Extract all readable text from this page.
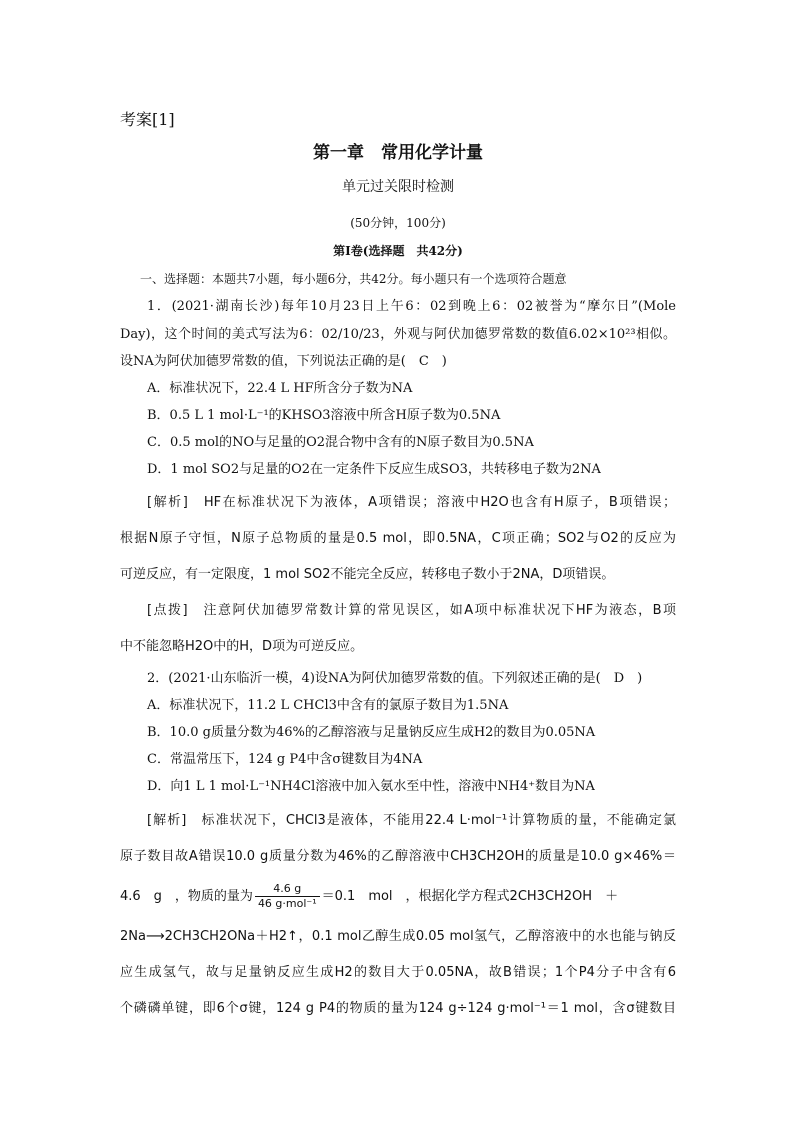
考案[1]
第一章　常用化学计量
单元过关限时检测
(50分钟，100分)
第Ⅰ卷(选择题　共42分)
一、选择题：本题共7小题，每小题6分，共42分。每小题只有一个选项符合题意
1．(2021·湖南长沙)每年10月23日上午6：02到晚上6：02被誉为“摩尔日”(Mole
Day)，这个时间的美式写法为6：02/10/23，外观与阿伏加德罗常数的数值6.02×10²³相似。
设NA为阿伏加德罗常数的值，下列说法正确的是(　C　)
A．标准状况下，22.4 L HF所含分子数为NA
B．0.5 L 1 mol·L⁻¹的KHSO3溶液中所含H原子数为0.5NA
C．0.5 mol的NO与足量的O2混合物中含有的N原子数目为0.5NA
D．1 mol SO2与足量的O2在一定条件下反应生成SO3，共转移电子数为2NA
[解析]　HF在标准状况下为液体，A项错误；溶液中H2O也含有H原子，B项错误；
根据N原子守恒，N原子总物质的量是0.5 mol，即0.5NA，C项正确；SO2与O2的反应为
可逆反应，有一定限度，1 mol SO2不能完全反应，转移电子数小于2NA，D项错误。
[点拨]　注意阿伏加德罗常数计算的常见误区，如A项中标准状况下HF为液态，B项
中不能忽略H2O中的H，D项为可逆反应。
2．(2021·山东临沂一模，4)设NA为阿伏加德罗常数的值。下列叙述正确的是(　D　)
A．标准状况下，11.2 L CHCl3中含有的氯原子数目为1.5NA
B．10.0 g质量分数为46%的乙醇溶液与足量钠反应生成H2的数目为0.05NA
C．常温常压下，124 g P4中含σ键数目为4NA
D．向1 L 1 mol·L⁻¹NH4Cl溶液中加入氨水至中性，溶液中NH4⁺数目为NA
[解析]　标准状况下，CHCl3是液体，不能用22.4 L·mol⁻¹计算物质的量，不能确定氯
原子数目故A错误10.0 g质量分数为46%的乙醇溶液中CH3CH2OH的质量是10.0 g×46%＝
4.6　g　，物质的量为 $\frac{4.6 g}{\text{46 g·mol⁻¹}} =0.1$　mol　，根据化学方程式2CH3CH2OH　＋
2Na⟶2CH3CH2ONa＋H2↑，0.1 mol乙醇生成0.05 mol氢气，乙醇溶液中的水也能与钠反
应生成氢气，故与足量钠反应生成H2的数目大于0.05NA，故B错误；1个P4分子中含有6
个磷磷单键，即6个σ键，124 g P4的物质的量为124 g÷124 g·mol⁻¹＝1 mol，含σ键数目
